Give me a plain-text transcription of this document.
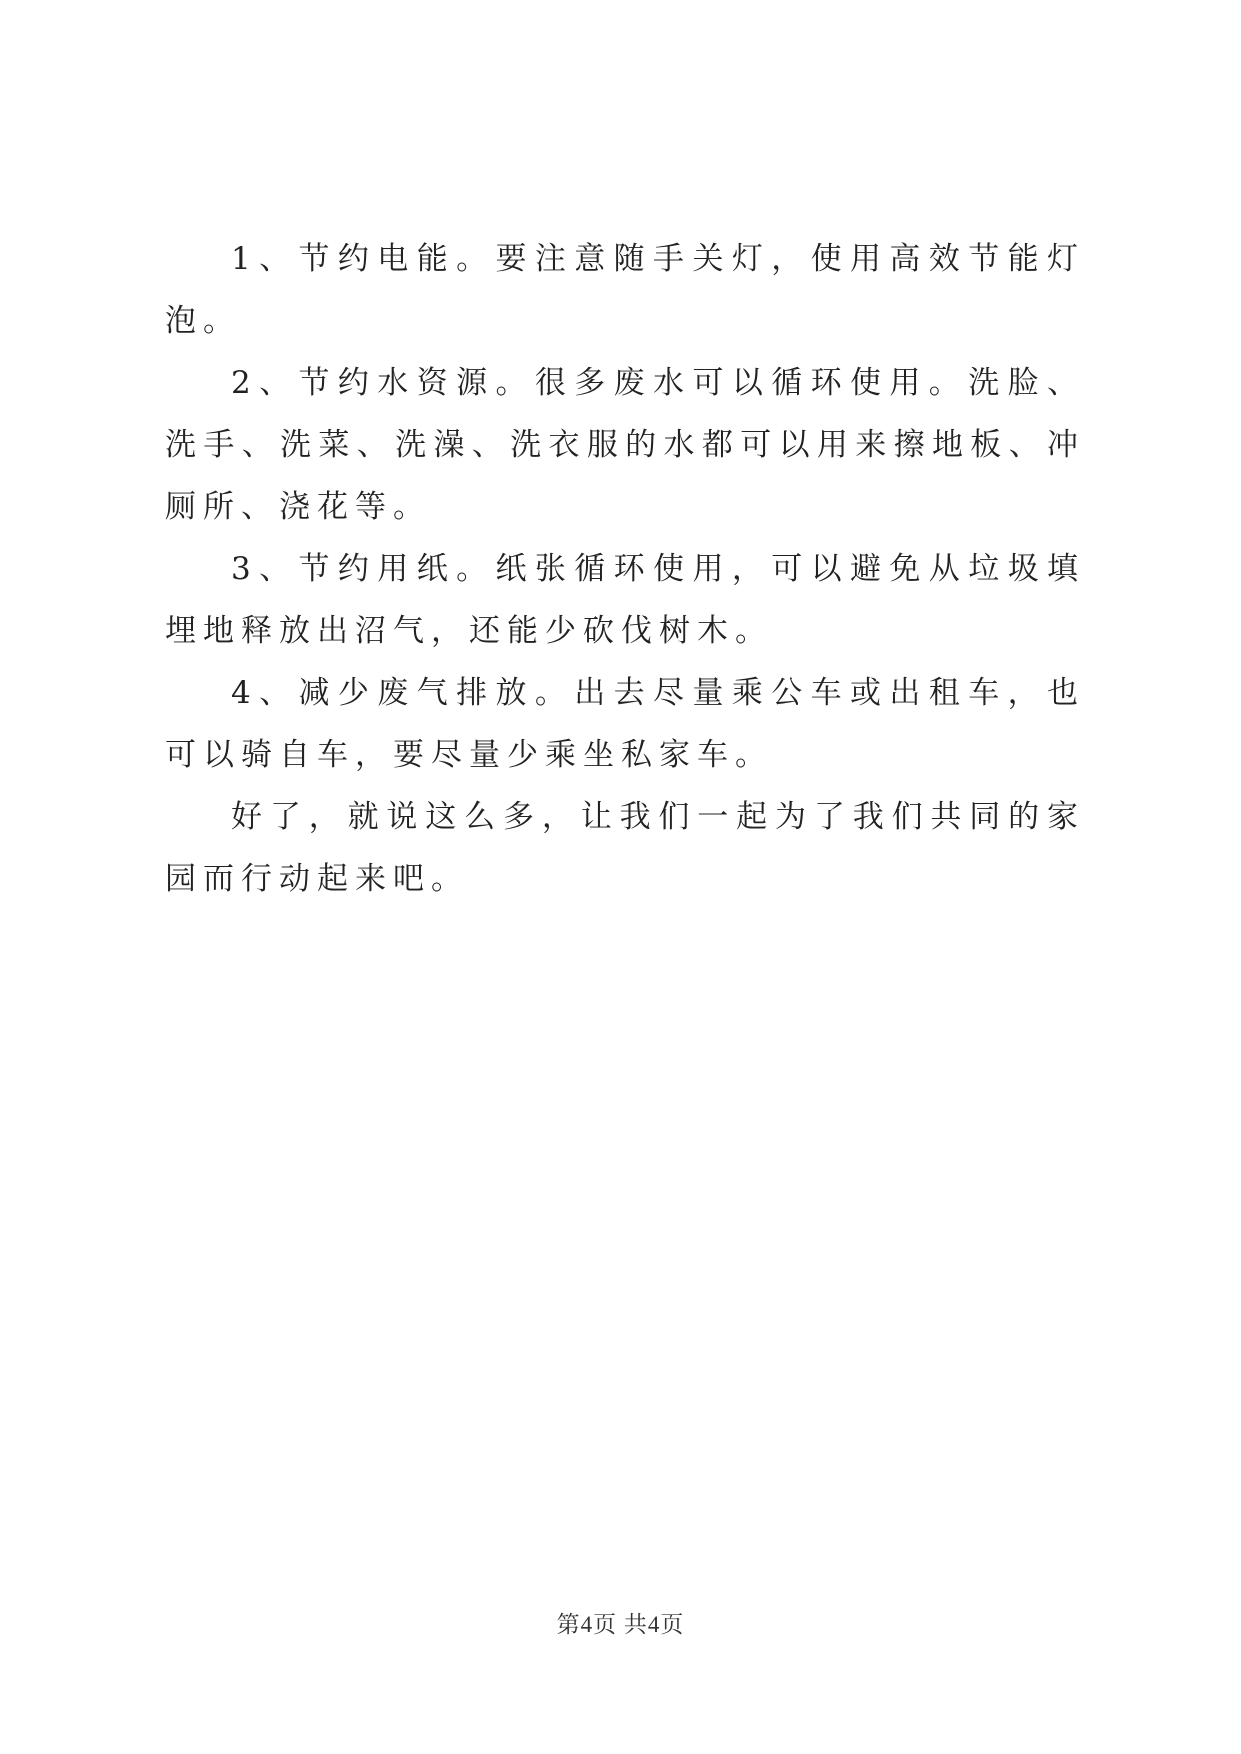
1、节约电能。要注意随手关灯，使用高效节能灯泡。

2、节约水资源。很多废水可以循环使用。洗脸、洗手、洗菜、洗澡、洗衣服的水都可以用来擦地板、冲厕所、浇花等。

3、节约用纸。纸张循环使用，可以避免从垃圾填埋地释放出沼气，还能少砍伐树木。

4、减少废气排放。出去尽量乘公车或出租车，也可以骑自车，要尽量少乘坐私家车。

好了，就说这么多，让我们一起为了我们共同的家园而行动起来吧。

第4页 共4页
